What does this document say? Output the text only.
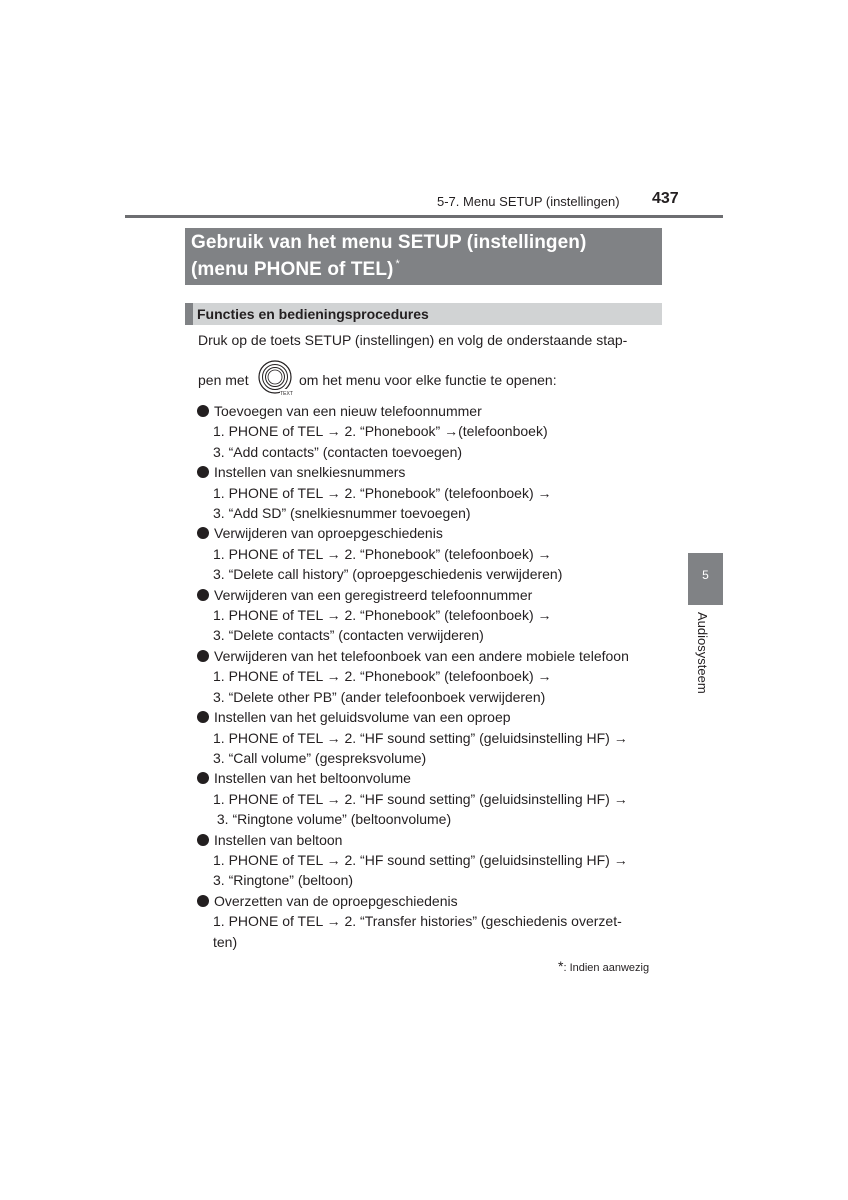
5-7. Menu SETUP (instellingen) 437
Gebruik van het menu SETUP (instellingen)
(menu PHONE of TEL) *
Functies en bedieningsprocedures
Druk op de toets SETUP (instellingen) en volg de onderstaande stap-
pen met
TEXT
om het menu voor elke functie te openen:
Toevoegen van een nieuw telefoonnummer
1. PHONE of TEL → 2. “Phonebook” →(telefoonboek)
3. “Add contacts” (contacten toevoegen)
Instellen van snelkiesnummers
1. PHONE of TEL → 2. “Phonebook” (telefoonboek) →
3. “Add SD” (snelkiesnummer toevoegen)
Verwijderen van oproepgeschiedenis
1. PHONE of TEL → 2. “Phonebook” (telefoonboek) →
3. “Delete call history” (oproepgeschiedenis verwijderen)
Verwijderen van een geregistreerd telefoonnummer
1. PHONE of TEL → 2. “Phonebook” (telefoonboek) →
3. “Delete contacts” (contacten verwijderen)
Verwijderen van het telefoonboek van een andere mobiele telefoon
1. PHONE of TEL → 2. “Phonebook” (telefoonboek) →
3. “Delete other PB” (ander telefoonboek verwijderen)
Instellen van het geluidsvolume van een oproep
1. PHONE of TEL → 2. “HF sound setting” (geluidsinstelling HF) →
3. “Call volume” (gespreksvolume)
Instellen van het beltoonvolume
1. PHONE of TEL → 2. “HF sound setting” (geluidsinstelling HF) →
3. “Ringtone volume” (beltoonvolume)
Instellen van beltoon
1. PHONE of TEL → 2. “HF sound setting” (geluidsinstelling HF) →
3. “Ringtone” (beltoon)
Overzetten van de oproepgeschiedenis
1. PHONE of TEL → 2. “Transfer histories” (geschiedenis overzet-
ten)
*: Indien aanwezig
5
Audiosysteem
